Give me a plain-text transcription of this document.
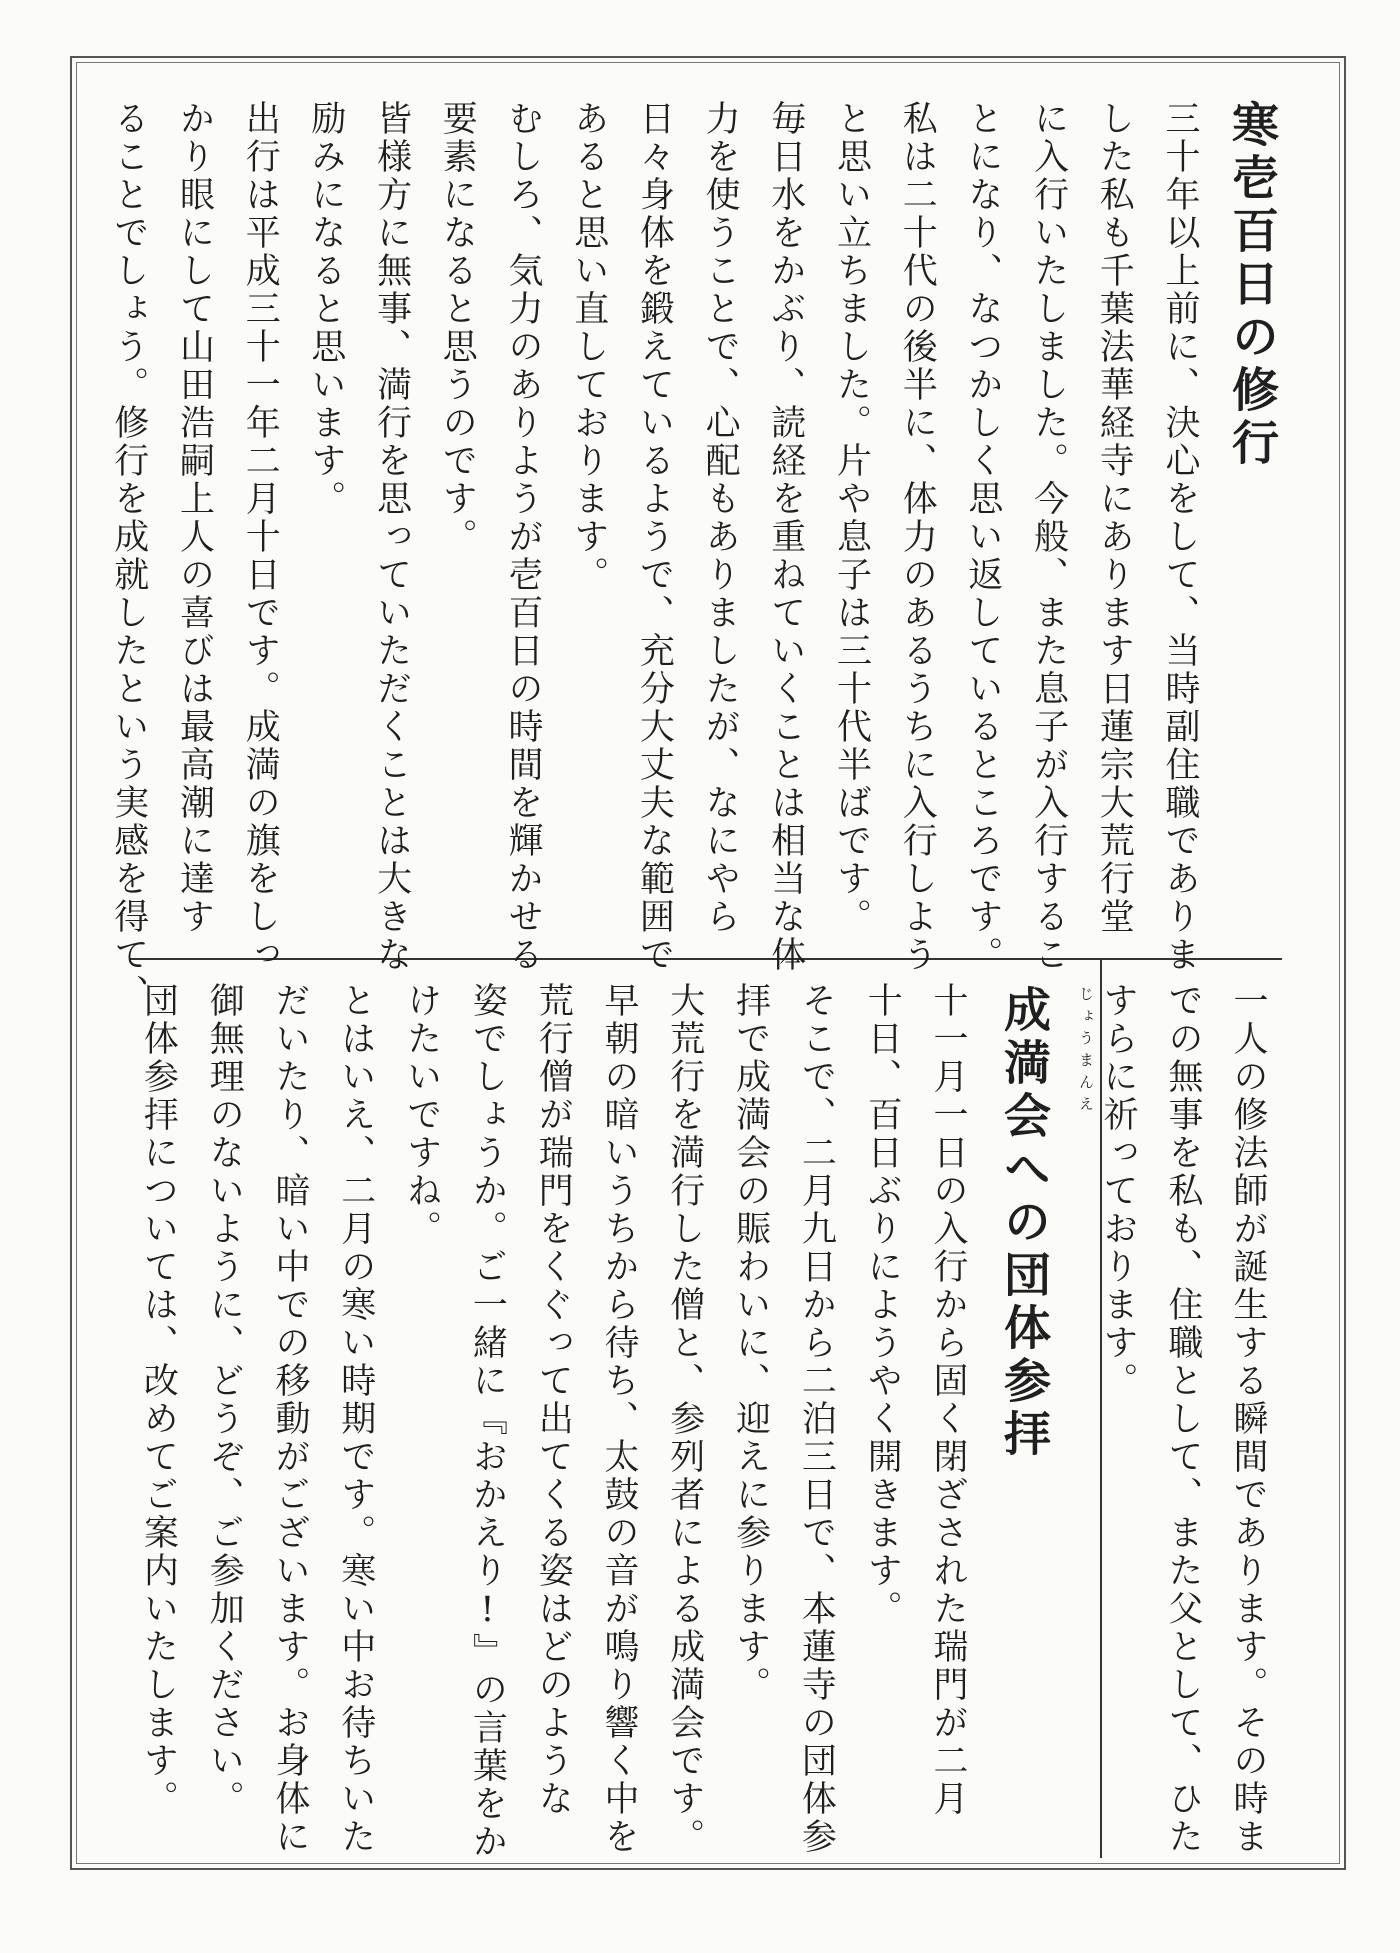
寒壱百日の修行
成満会への団体参拝 じょうまんえ
三十年以上前に、決心をして、当時副住職でありま
した私も千葉法華経寺にあります日蓮宗大荒行堂
に入行いたしました。今般、また息子が入行するこ
とになり、なつかしく思い返しているところです。
私は二十代の後半に、体力のあるうちに入行しよう
と思い立ちました。片や息子は三十代半ばです。
毎日水をかぶり、読経を重ねていくことは相当な体
力を使うことで、心配もありましたが、なにやら
日々身体を鍛えているようで、充分大丈夫な範囲で
あると思い直しております。
むしろ、気力のありようが壱百日の時間を輝かせる
要素になると思うのです。
皆様方に無事、満行を思っていただくことは大きな
励みになると思います。
出行は平成三十一年二月十日です。成満の旗をしっ
かり眼にして山田浩嗣上人の喜びは最高潮に達す
ることでしょう。修行を成就したという実感を得て、
一人の修法師が誕生する瞬間であります。その時ま
での無事を私も、住職として、また父として、ひた
すらに祈っております。
十一月一日の入行から固く閉ざされた瑞門が二月
十日、百日ぶりにようやく開きます。
そこで、二月九日から二泊三日で、本蓮寺の団体参
拝で成満会の賑わいに、迎えに参ります。
大荒行を満行した僧と、参列者による成満会です。
早朝の暗いうちから待ち、太鼓の音が鳴り響く中を
荒行僧が瑞門をくぐって出てくる姿はどのような
姿でしょうか。ご一緒に『おかえり!』の言葉をか
けたいですね。
とはいえ、二月の寒い時期です。寒い中お待ちいた
だいたり、暗い中での移動がございます。お身体に
御無理のないように、どうぞ、ご参加ください。
団体参拝については、改めてご案内いたします。
